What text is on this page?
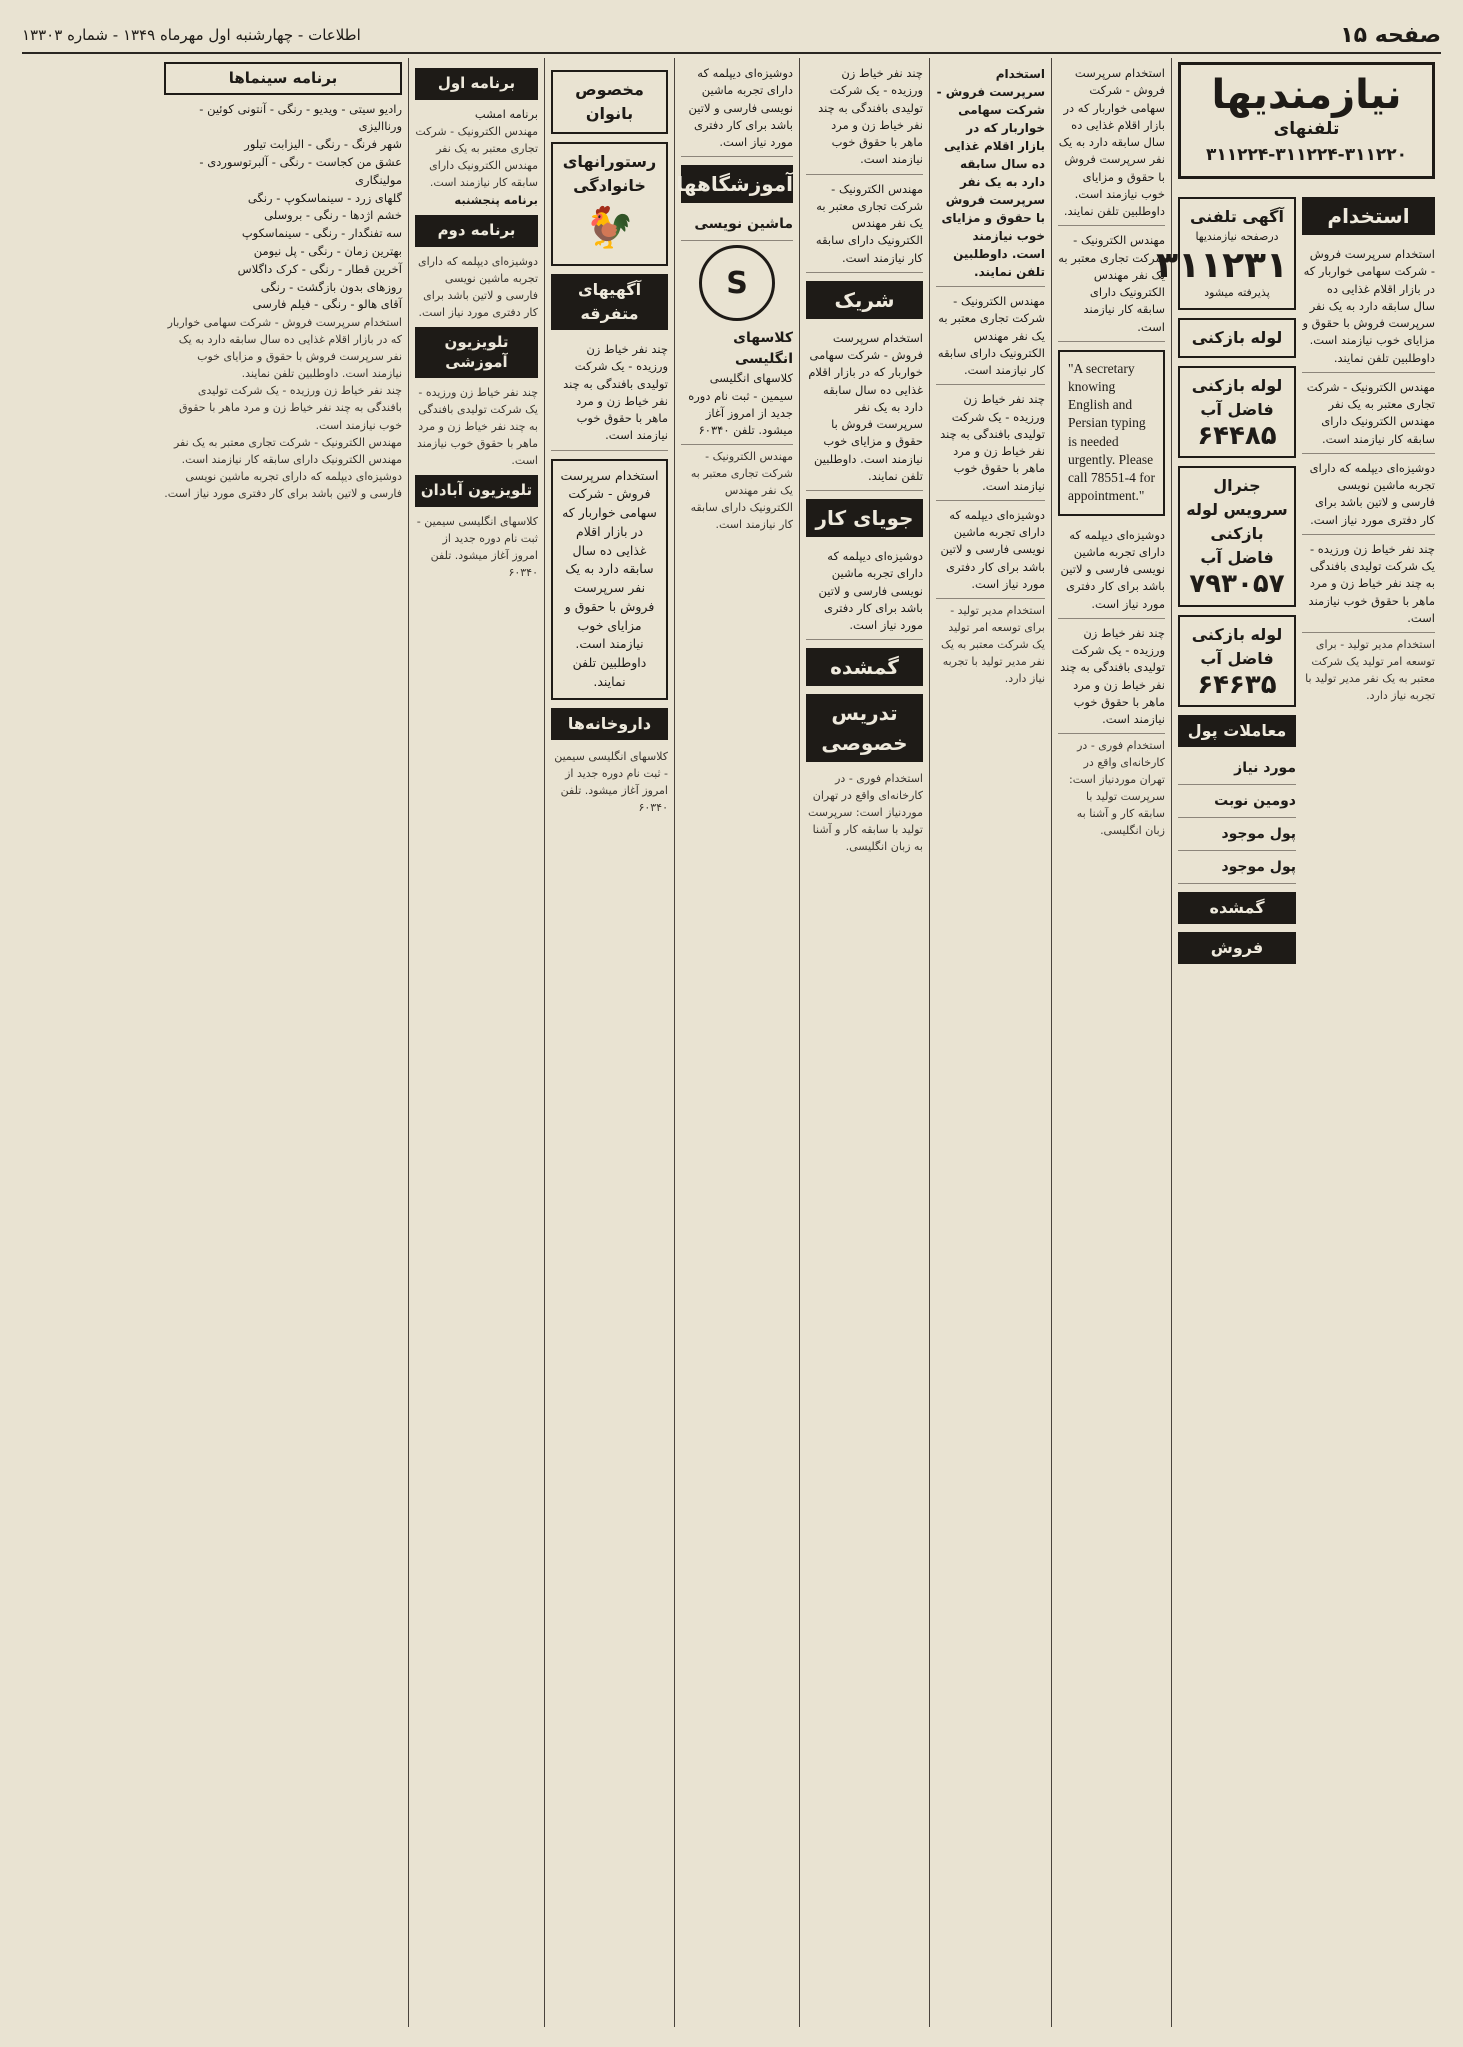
اطلاعات - چهارشنبه اول مهرماه ۱۳۴۹ - شماره ۱۳۳۰۳	صفحه ۱۵
نیازمندیها
تلفنهای ۳۱۱۲۲۰-۳۱۱۲۲۴-۳۱۱۲۲۴
استخدام
استخدام سرپرست فروش - شرکت سهامی خواربار که در بازار اقلام غذایی ده سال سابقه دارد به یک نفر سرپرست فروش با حقوق و مزایای خوب نیازمند است. داوطلبین تلفن نمایند.
مهندس الکترونیک - شرکت تجاری معتبر به یک نفر مهندس الکترونیک دارای سابقه کار نیازمند است.
دوشیزه‌ای دیپلمه که دارای تجربه ماشین نویسی فارسی و لاتین باشد برای کار دفتری مورد نیاز است.
چند نفر خیاط زن ورزیده - یک شرکت تولیدی بافندگی به چند نفر خیاط زن و مرد ماهر با حقوق خوب نیازمند است.
استخدام مدیر تولید - برای توسعه امر تولید یک شرکت معتبر به یک نفر مدیر تولید با تجربه نیاز دارد.
آگهی تلفنی
درصفحه نیازمندیها
۳۱۱۲۳۱
پذیرفته میشود
لوله بازکنی
لوله بازکنی فاضل آب
۶۴۴۸۵
جنرال سرویس لوله بازکنی فاضل آب
۷۹۳۰۵۷
لوله بازکنی فاضل آب
۶۴۶۳۵
معاملات پول
مورد نیاز
دومین نوبت
پول موجود
پول موجود
گمشده
فروش
استخدام سرپرست فروش - شرکت سهامی خواربار که در بازار اقلام غذایی ده سال سابقه دارد به یک نفر سرپرست فروش با حقوق و مزایای خوب نیازمند است. داوطلبین تلفن نمایند.
مهندس الکترونیک - شرکت تجاری معتبر به یک نفر مهندس الکترونیک دارای سابقه کار نیازمند است.
"A secretary knowing English and Persian typing is needed urgently. Please call 78551-4 for appointment."
دوشیزه‌ای دیپلمه که دارای تجربه ماشین نویسی فارسی و لاتین باشد برای کار دفتری مورد نیاز است.
چند نفر خیاط زن ورزیده - یک شرکت تولیدی بافندگی به چند نفر خیاط زن و مرد ماهر با حقوق خوب نیازمند است.
استخدام فوری - در کارخانه‌ای واقع در تهران موردنیاز است: سرپرست تولید با سابقه کار و آشنا به زبان انگلیسی.
استخدام سرپرست فروش - شرکت سهامی خواربار که در بازار اقلام غذایی ده سال سابقه دارد به یک نفر سرپرست فروش با حقوق و مزایای خوب نیازمند است. داوطلبین تلفن نمایند.
مهندس الکترونیک - شرکت تجاری معتبر به یک نفر مهندس الکترونیک دارای سابقه کار نیازمند است.
چند نفر خیاط زن ورزیده - یک شرکت تولیدی بافندگی به چند نفر خیاط زن و مرد ماهر با حقوق خوب نیازمند است.
دوشیزه‌ای دیپلمه که دارای تجربه ماشین نویسی فارسی و لاتین باشد برای کار دفتری مورد نیاز است.
استخدام مدیر تولید - برای توسعه امر تولید یک شرکت معتبر به یک نفر مدیر تولید با تجربه نیاز دارد.
چند نفر خیاط زن ورزیده - یک شرکت تولیدی بافندگی به چند نفر خیاط زن و مرد ماهر با حقوق خوب نیازمند است.
مهندس الکترونیک - شرکت تجاری معتبر به یک نفر مهندس الکترونیک دارای سابقه کار نیازمند است.
شریک
استخدام سرپرست فروش - شرکت سهامی خواربار که در بازار اقلام غذایی ده سال سابقه دارد به یک نفر سرپرست فروش با حقوق و مزایای خوب نیازمند است. داوطلبین تلفن نمایند.
جویای کار
دوشیزه‌ای دیپلمه که دارای تجربه ماشین نویسی فارسی و لاتین باشد برای کار دفتری مورد نیاز است.
گمشده
تدریس خصوصی
استخدام فوری - در کارخانه‌ای واقع در تهران موردنیاز است: سرپرست تولید با سابقه کار و آشنا به زبان انگلیسی.
دوشیزه‌ای دیپلمه که دارای تجربه ماشین نویسی فارسی و لاتین باشد برای کار دفتری مورد نیاز است.
آموزشگاهها
ماشین نویسی
S
کلاسهای انگلیسی
کلاسهای انگلیسی سیمین - ثبت نام دوره جدید از امروز آغاز میشود. تلفن ۶۰۳۴۰
مهندس الکترونیک - شرکت تجاری معتبر به یک نفر مهندس الکترونیک دارای سابقه کار نیازمند است.
مخصوص بانوان
رستورانهای خانوادگی
🐓
آگهیهای متفرقه
چند نفر خیاط زن ورزیده - یک شرکت تولیدی بافندگی به چند نفر خیاط زن و مرد ماهر با حقوق خوب نیازمند است.
استخدام سرپرست فروش - شرکت سهامی خواربار که در بازار اقلام غذایی ده سال سابقه دارد به یک نفر سرپرست فروش با حقوق و مزایای خوب نیازمند است. داوطلبین تلفن نمایند.
داروخانه‌ها
کلاسهای انگلیسی سیمین - ثبت نام دوره جدید از امروز آغاز میشود. تلفن ۶۰۳۴۰
برنامه اول
برنامه امشب
مهندس الکترونیک - شرکت تجاری معتبر به یک نفر مهندس الکترونیک دارای سابقه کار نیازمند است.
برنامه پنجشنبه
برنامه دوم
دوشیزه‌ای دیپلمه که دارای تجربه ماشین نویسی فارسی و لاتین باشد برای کار دفتری مورد نیاز است.
تلویزیون آموزشی
چند نفر خیاط زن ورزیده - یک شرکت تولیدی بافندگی به چند نفر خیاط زن و مرد ماهر با حقوق خوب نیازمند است.
تلویزیون آبادان
کلاسهای انگلیسی سیمین - ثبت نام دوره جدید از امروز آغاز میشود. تلفن ۶۰۳۴۰
برنامه سینماها
رادیو سیتی - ویدیو - رنگی - آنتونی کوئین - ورناالیزی
شهر فرنگ - رنگی - الیزابت تیلور
عشق من کجاست - رنگی - آلبرتوسوردی - مولینگاری
گلهای زرد - سینماسکوپ - رنگی
خشم اژدها - رنگی - بروسلی
سه تفنگدار - رنگی - سینماسکوپ
بهترین زمان - رنگی - پل نیومن
آخرین قطار - رنگی - کرک داگلاس
روزهای بدون بازگشت - رنگی
آقای هالو - رنگی - فیلم فارسی
استخدام سرپرست فروش - شرکت سهامی خواربار که در بازار اقلام غذایی ده سال سابقه دارد به یک نفر سرپرست فروش با حقوق و مزایای خوب نیازمند است. داوطلبین تلفن نمایند.
چند نفر خیاط زن ورزیده - یک شرکت تولیدی بافندگی به چند نفر خیاط زن و مرد ماهر با حقوق خوب نیازمند است.
مهندس الکترونیک - شرکت تجاری معتبر به یک نفر مهندس الکترونیک دارای سابقه کار نیازمند است.
دوشیزه‌ای دیپلمه که دارای تجربه ماشین نویسی فارسی و لاتین باشد برای کار دفتری مورد نیاز است.
